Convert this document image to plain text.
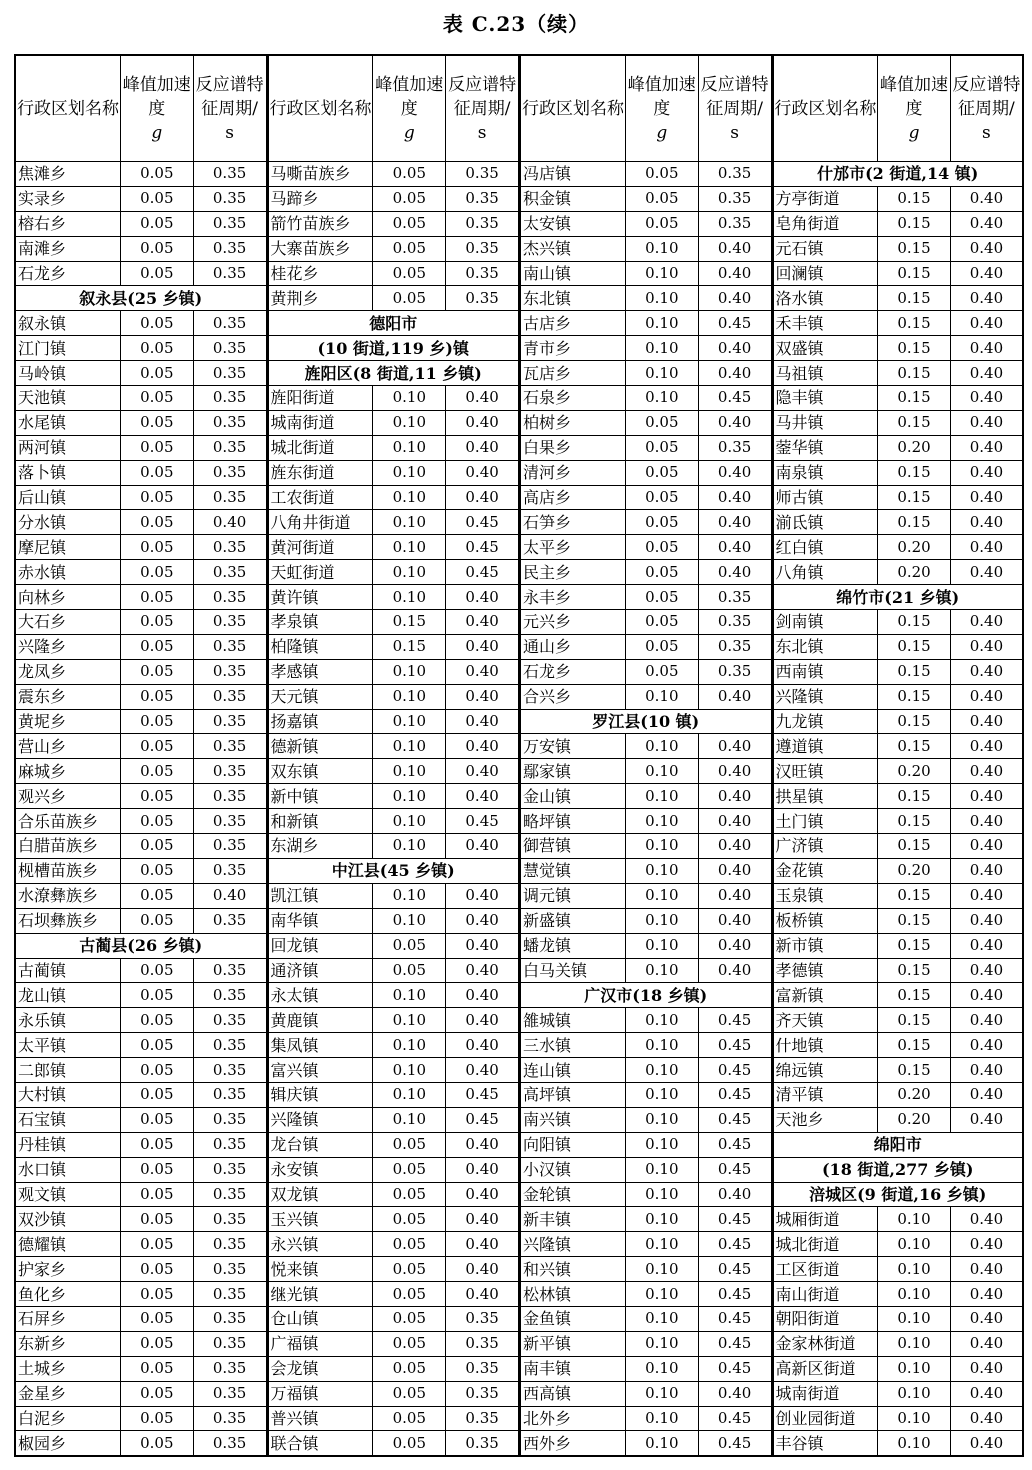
表 C.23（续）
行政区划名称	峰值加速度
g	反应谱特征周期/
s

焦滩乡	0.05	0.35
实录乡	0.05	0.35
榕右乡	0.05	0.35
南滩乡	0.05	0.35
石龙乡	0.05	0.35
叙永县(25 乡镇)		
叙永镇	0.05	0.35
江门镇	0.05	0.35
马岭镇	0.05	0.35
天池镇	0.05	0.35
水尾镇	0.05	0.35
两河镇	0.05	0.35
落卜镇	0.05	0.35
后山镇	0.05	0.35
分水镇	0.05	0.40
摩尼镇	0.05	0.35
赤水镇	0.05	0.35
向林乡	0.05	0.35
大石乡	0.05	0.35
兴隆乡	0.05	0.35
龙凤乡	0.05	0.35
震东乡	0.05	0.35
黄坭乡	0.05	0.35
营山乡	0.05	0.35
麻城乡	0.05	0.35
观兴乡	0.05	0.35
合乐苗族乡	0.05	0.35
白腊苗族乡	0.05	0.35
枧槽苗族乡	0.05	0.35
水潦彝族乡	0.05	0.40
石坝彝族乡	0.05	0.35
古蔺县(26 乡镇)		
古蔺镇	0.05	0.35
龙山镇	0.05	0.35
永乐镇	0.05	0.35
太平镇	0.05	0.35
二郎镇	0.05	0.35
大村镇	0.05	0.35
石宝镇	0.05	0.35
丹桂镇	0.05	0.35
水口镇	0.05	0.35
观文镇	0.05	0.35
双沙镇	0.05	0.35
德耀镇	0.05	0.35
护家乡	0.05	0.35
鱼化乡	0.05	0.35
石屏乡	0.05	0.35
东新乡	0.05	0.35
土城乡	0.05	0.35
金星乡	0.05	0.35
白泥乡	0.05	0.35
椒园乡	0.05	0.35
行政区划名称	峰值加速度
g	反应谱特征周期/
s

马嘶苗族乡	0.05	0.35
马蹄乡	0.05	0.35
箭竹苗族乡	0.05	0.35
大寨苗族乡	0.05	0.35
桂花乡	0.05	0.35
黄荆乡	0.05	0.35
德阳市		
(10 街道,119 乡)镇		
旌阳区(8 街道,11 乡镇)		
旌阳街道	0.10	0.40
城南街道	0.10	0.40
城北街道	0.10	0.40
旌东街道	0.10	0.40
工农街道	0.10	0.40
八角井街道	0.10	0.45
黄河街道	0.10	0.45
天虹街道	0.10	0.45
黄许镇	0.10	0.40
孝泉镇	0.15	0.40
柏隆镇	0.15	0.40
孝感镇	0.10	0.40
天元镇	0.10	0.40
扬嘉镇	0.10	0.40
德新镇	0.10	0.40
双东镇	0.10	0.40
新中镇	0.10	0.40
和新镇	0.10	0.45
东湖乡	0.10	0.40
中江县(45 乡镇)		
凯江镇	0.10	0.40
南华镇	0.10	0.40
回龙镇	0.05	0.40
通济镇	0.05	0.40
永太镇	0.10	0.40
黄鹿镇	0.10	0.40
集凤镇	0.10	0.40
富兴镇	0.10	0.40
辑庆镇	0.10	0.45
兴隆镇	0.10	0.45
龙台镇	0.05	0.40
永安镇	0.05	0.40
双龙镇	0.05	0.40
玉兴镇	0.05	0.40
永兴镇	0.05	0.40
悦来镇	0.05	0.40
继光镇	0.05	0.40
仓山镇	0.05	0.35
广福镇	0.05	0.35
会龙镇	0.05	0.35
万福镇	0.05	0.35
普兴镇	0.05	0.35
联合镇	0.05	0.35
行政区划名称	峰值加速度
g	反应谱特征周期/
s

冯店镇	0.05	0.35
积金镇	0.05	0.35
太安镇	0.05	0.35
杰兴镇	0.10	0.40
南山镇	0.10	0.40
东北镇	0.10	0.40
古店乡	0.10	0.45
青市乡	0.10	0.40
瓦店乡	0.10	0.40
石泉乡	0.10	0.45
柏树乡	0.05	0.40
白果乡	0.05	0.35
清河乡	0.05	0.40
高店乡	0.05	0.40
石笋乡	0.05	0.40
太平乡	0.05	0.40
民主乡	0.05	0.40
永丰乡	0.05	0.35
元兴乡	0.05	0.35
通山乡	0.05	0.35
石龙乡	0.05	0.35
合兴乡	0.10	0.40
罗江县(10 镇)		
万安镇	0.10	0.40
鄢家镇	0.10	0.40
金山镇	0.10	0.40
略坪镇	0.10	0.40
御营镇	0.10	0.40
慧觉镇	0.10	0.40
调元镇	0.10	0.40
新盛镇	0.10	0.40
蟠龙镇	0.10	0.40
白马关镇	0.10	0.40
广汉市(18 乡镇)		
雒城镇	0.10	0.45
三水镇	0.10	0.45
连山镇	0.10	0.45
高坪镇	0.10	0.45
南兴镇	0.10	0.45
向阳镇	0.10	0.45
小汉镇	0.10	0.45
金轮镇	0.10	0.40
新丰镇	0.10	0.45
兴隆镇	0.10	0.45
和兴镇	0.10	0.45
松林镇	0.10	0.45
金鱼镇	0.10	0.45
新平镇	0.10	0.45
南丰镇	0.10	0.45
西高镇	0.10	0.40
北外乡	0.10	0.45
西外乡	0.10	0.45
行政区划名称	峰值加速度
g	反应谱特征周期/
s

什邡市(2 街道,14 镇)		
方亭街道	0.15	0.40
皂角街道	0.15	0.40
元石镇	0.15	0.40
回澜镇	0.15	0.40
洛水镇	0.15	0.40
禾丰镇	0.15	0.40
双盛镇	0.15	0.40
马祖镇	0.15	0.40
隐丰镇	0.15	0.40
马井镇	0.15	0.40
蓥华镇	0.20	0.40
南泉镇	0.15	0.40
师古镇	0.15	0.40
湔氐镇	0.15	0.40
红白镇	0.20	0.40
八角镇	0.20	0.40
绵竹市(21 乡镇)		
剑南镇	0.15	0.40
东北镇	0.15	0.40
西南镇	0.15	0.40
兴隆镇	0.15	0.40
九龙镇	0.15	0.40
遵道镇	0.15	0.40
汉旺镇	0.20	0.40
拱星镇	0.15	0.40
土门镇	0.15	0.40
广济镇	0.15	0.40
金花镇	0.20	0.40
玉泉镇	0.15	0.40
板桥镇	0.15	0.40
新市镇	0.15	0.40
孝德镇	0.15	0.40
富新镇	0.15	0.40
齐天镇	0.15	0.40
什地镇	0.15	0.40
绵远镇	0.15	0.40
清平镇	0.20	0.40
天池乡	0.20	0.40
绵阳市		
(18 街道,277 乡镇)		
涪城区(9 街道,16 乡镇)		
城厢街道	0.10	0.40
城北街道	0.10	0.40
工区街道	0.10	0.40
南山街道	0.10	0.40
朝阳街道	0.10	0.40
金家林街道	0.10	0.40
高新区街道	0.10	0.40
城南街道	0.10	0.40
创业园街道	0.10	0.40
丰谷镇	0.10	0.40
